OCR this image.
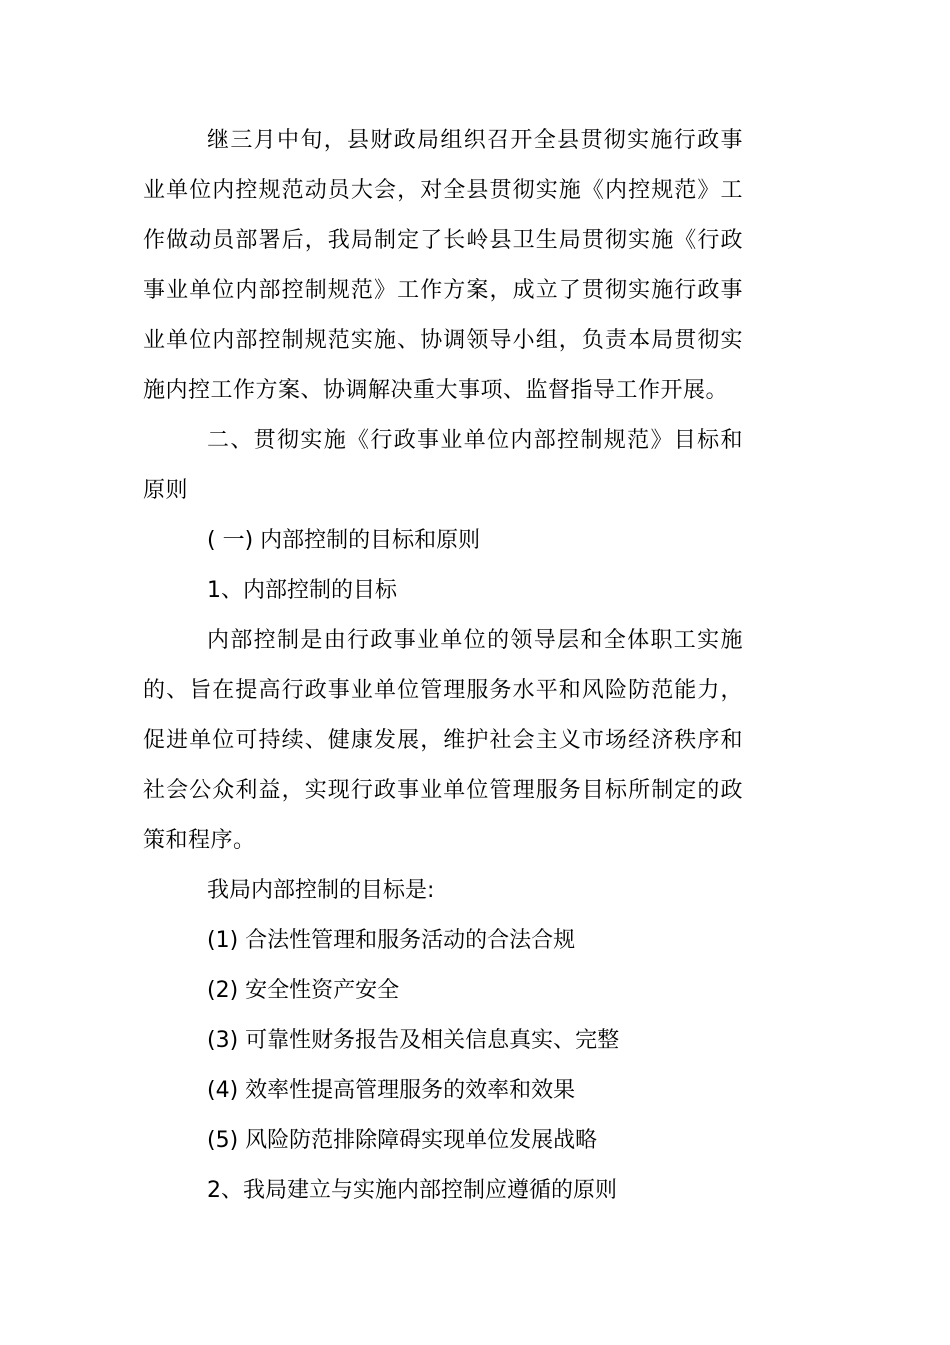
继三月中旬，县财政局组织召开全县贯彻实施行政事业单位内控规范动员大会，对全县贯彻实施《内控规范》工作做动员部署后，我局制定了长岭县卫生局贯彻实施《行政事业单位内部控制规范》工作方案，成立了贯彻实施行政事业单位内部控制规范实施、协调领导小组，负责本局贯彻实施内控工作方案、协调解决重大事项、监督指导工作开展。

二、贯彻实施《行政事业单位内部控制规范》目标和原则

( 一) 内部控制的目标和原则

1、内部控制的目标

内部控制是由行政事业单位的领导层和全体职工实施的、旨在提高行政事业单位管理服务水平和风险防范能力，促进单位可持续、健康发展，维护社会主义市场经济秩序和社会公众利益，实现行政事业单位管理服务目标所制定的政策和程序。

我局内部控制的目标是:

(1) 合法性管理和服务活动的合法合规

(2) 安全性资产安全

(3) 可靠性财务报告及相关信息真实、完整

(4) 效率性提高管理服务的效率和效果

(5) 风险防范排除障碍实现单位发展战略

2、我局建立与实施内部控制应遵循的原则
